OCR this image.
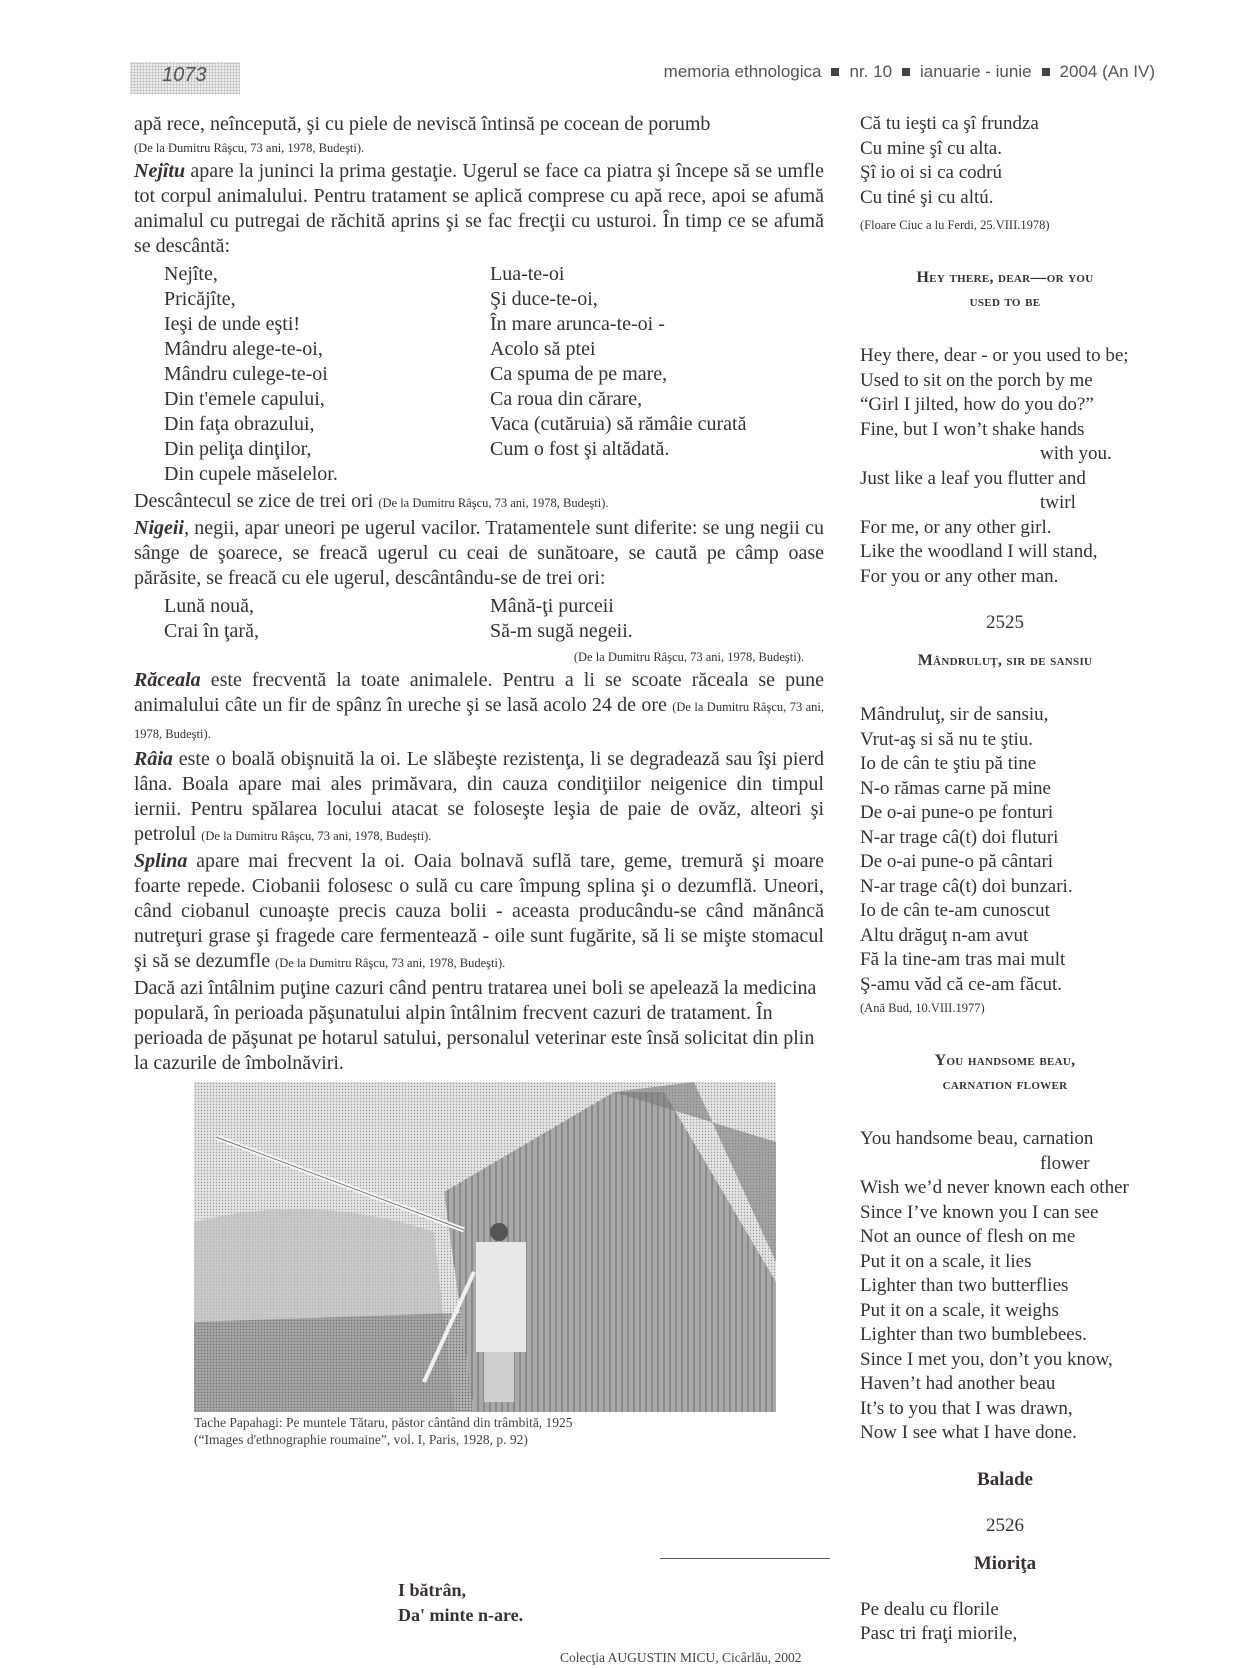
1073	memoria ethnologica nr. 10 ianuarie - iunie 2004 (An IV)

apă rece, neîncepută, şi cu piele de neviscă întinsă pe cocean de porumb

(De la Dumitru Râşcu, 73 ani, 1978, Budeşti).

Nejîtu apare la juninci la prima gestaţie. Ugerul se face ca piatra şi începe să se umfle tot corpul animalului. Pentru tratament se aplică comprese cu apă rece, apoi se afumă animalul cu putregai de răchită aprins şi se fac frecţii cu usturoi. În timp ce se afumă se descântă:

Nejîte,
Pricăjîte,
Ieşi de unde eşti!
Mândru alege-te-oi,
Mândru culege-te-oi
Din t'emele capului,
Din faţa obrazului,
Din peliţa dinţilor,
Din cupele măselelor.
Lua-te-oi
Şi duce-te-oi,
În mare arunca-te-oi -
Acolo să ptei
Ca spuma de pe mare,
Ca roua din cărare,
Vaca (cutăruia) să rămâie curată
Cum o fost şi altădată.

Descântecul se zice de trei ori (De la Dumitru Râşcu, 73 ani, 1978, Budeşti).

Nigeii, negii, apar uneori pe ugerul vacilor. Tratamentele sunt diferite: se ung negii cu sânge de şoarece, se freacă ugerul cu ceai de sunătoare, se caută pe câmp oase părăsite, se freacă cu ele ugerul, descântându-se de trei ori:

Lună nouă,
Crai în ţară,
Mână-ţi purceii
Să-m sugă negeii.
(De la Dumitru Râşcu, 73 ani, 1978, Budeşti).

Răceala este frecventă la toate animalele. Pentru a li se scoate răceala se pune animalului câte un fir de spânz în ureche şi se lasă acolo 24 de ore (De la Dumitru Râşcu, 73 ani, 1978, Budeşti).

Râia este o boală obişnuită la oi. Le slăbeşte rezistenţa, li se degradează sau îşi pierd lâna. Boala apare mai ales primăvara, din cauza condiţiilor neigenice din timpul iernii. Pentru spălarea locului atacat se foloseşte leşia de paie de ovăz, alteori şi petrolul (De la Dumitru Râşcu, 73 ani, 1978, Budeşti).

Splina apare mai frecvent la oi. Oaia bolnavă suflă tare, geme, tremură şi moare foarte repede. Ciobanii folosesc o sulă cu care împung splina şi o dezumflă. Uneori, când ciobanul cunoaşte precis cauza bolii - aceasta producându-se când mănâncă nutreţuri grase şi fragede care fermentează - oile sunt fugărite, să li se mişte stomacul şi să se dezumfle (De la Dumitru Râşcu, 73 ani, 1978, Budeşti).

Dacă azi întâlnim puţine cazuri când pentru tratarea unei boli se apelează la medicina populară, în perioada păşunatului alpin întâlnim frecvent cazuri de tratament. În perioada de păşunat pe hotarul satului, personalul veterinar este însă solicitat din plin la cazurile de îmbolnăviri.

Tache Papahagi: Pe muntele Tătaru, păstor cântând din trâmbită, 1925
(“Images d'ethnographie roumaine”, vol. I, Paris, 1928, p. 92)
I bătrân,
Da' minte n-are.
Colecţia AUGUSTIN MICU, Cicârlău, 2002
Că tu ieşti ca şî frundza
Cu mine şî cu alta.
Şî io oi si ca codrú
Cu tiné şi cu altú.
(Floare Ciuc a lu Ferdi, 25.VIII.1978)
Hey there, dear—or you
used to be
Hey there, dear - or you used to be;
Used to sit on the porch by me
“Girl I jilted, how do you do?”
Fine, but I won’t shake hands
with you.
Just like a leaf you flutter and
twirl
For me, or any other girl.
Like the woodland I will stand,
For you or any other man.
2525
Mândruluţ, sir de sansiu
Mândruluţ, sir de sansiu,
Vrut-aş si să nu te ştiu.
Io de cân te ştiu pă tine
N-o rămas carne pă mine
De o-ai pune-o pe fonturi
N-ar trage câ(t) doi fluturi
De o-ai pune-o pă cântari
N-ar trage câ(t) doi bunzari.
Io de cân te-am cunoscut
Altu drăguţ n-am avut
Fă la tine-am tras mai mult
Ş-amu văd că ce-am făcut.
(Ană Bud, 10.VIII.1977)
You handsome beau,
carnation flower
You handsome beau, carnation
flower
Wish we’d never known each other
Since I’ve known you I can see
Not an ounce of flesh on me
Put it on a scale, it lies
Lighter than two butterflies
Put it on a scale, it weighs
Lighter than two bumblebees.
Since I met you, don’t you know,
Haven’t had another beau
It’s to you that I was drawn,
Now I see what I have done.
Balade
2526
Mioriţa
Pe dealu cu florile
Pasc tri fraţi miorile,
